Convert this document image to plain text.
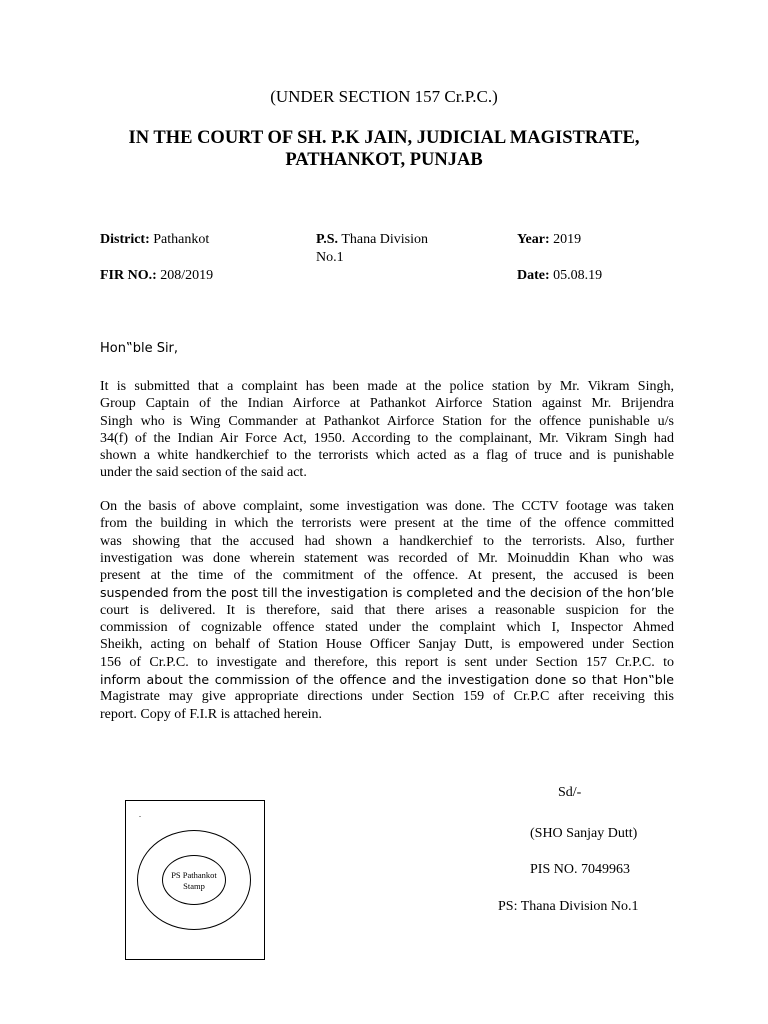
(UNDER SECTION 157 Cr.P.C.)
IN THE COURT OF SH. P.K JAIN, JUDICIAL MAGISTRATE,
PATHANKOT, PUNJAB
District: Pathankot	P.S. Thana Division
No.1
Year: 2019
FIR NO.: 208/2019	Date: 05.08.19
Hon‟ble Sir,
It is submitted that a complaint has been made at the police station by Mr. Vikram Singh,
Group Captain of the Indian Airforce at Pathankot Airforce Station against Mr. Brijendra
Singh who is Wing Commander at Pathankot Airforce Station for the offence punishable u/s
34(f) of the Indian Air Force Act, 1950. According to the complainant, Mr. Vikram Singh had
shown a white handkerchief to the terrorists which acted as a flag of truce and is punishable
under the said section of the said act.
On the basis of above complaint, some investigation was done. The CCTV footage was taken
from the building in which the terrorists were present at the time of the offence committed
was showing that the accused had shown a handkerchief to the terrorists. Also, further
investigation was done wherein statement was recorded of Mr. Moinuddin Khan who was
present at the time of the commitment of the offence. At present, the accused is been
suspended from the post till the investigation is completed and the decision of the hon’ble
court is delivered. It is therefore, said that there arises a reasonable suspicion for the
commission of cognizable offence stated under the complaint which I, Inspector Ahmed
Sheikh, acting on behalf of Station House Officer Sanjay Dutt, is empowered under Section
156 of Cr.P.C. to investigate and therefore, this report is sent under Section 157 Cr.P.C. to
inform about the commission of the offence and the investigation done so that Hon‟ble
Magistrate may give appropriate directions under Section 159 of Cr.P.C after receiving this
report. Copy of F.I.R is attached herein.
Sd/-
(SHO Sanjay Dutt)
PIS NO. 7049963
PS: Thana Division No.1
.
PS Pathankot
Stamp
